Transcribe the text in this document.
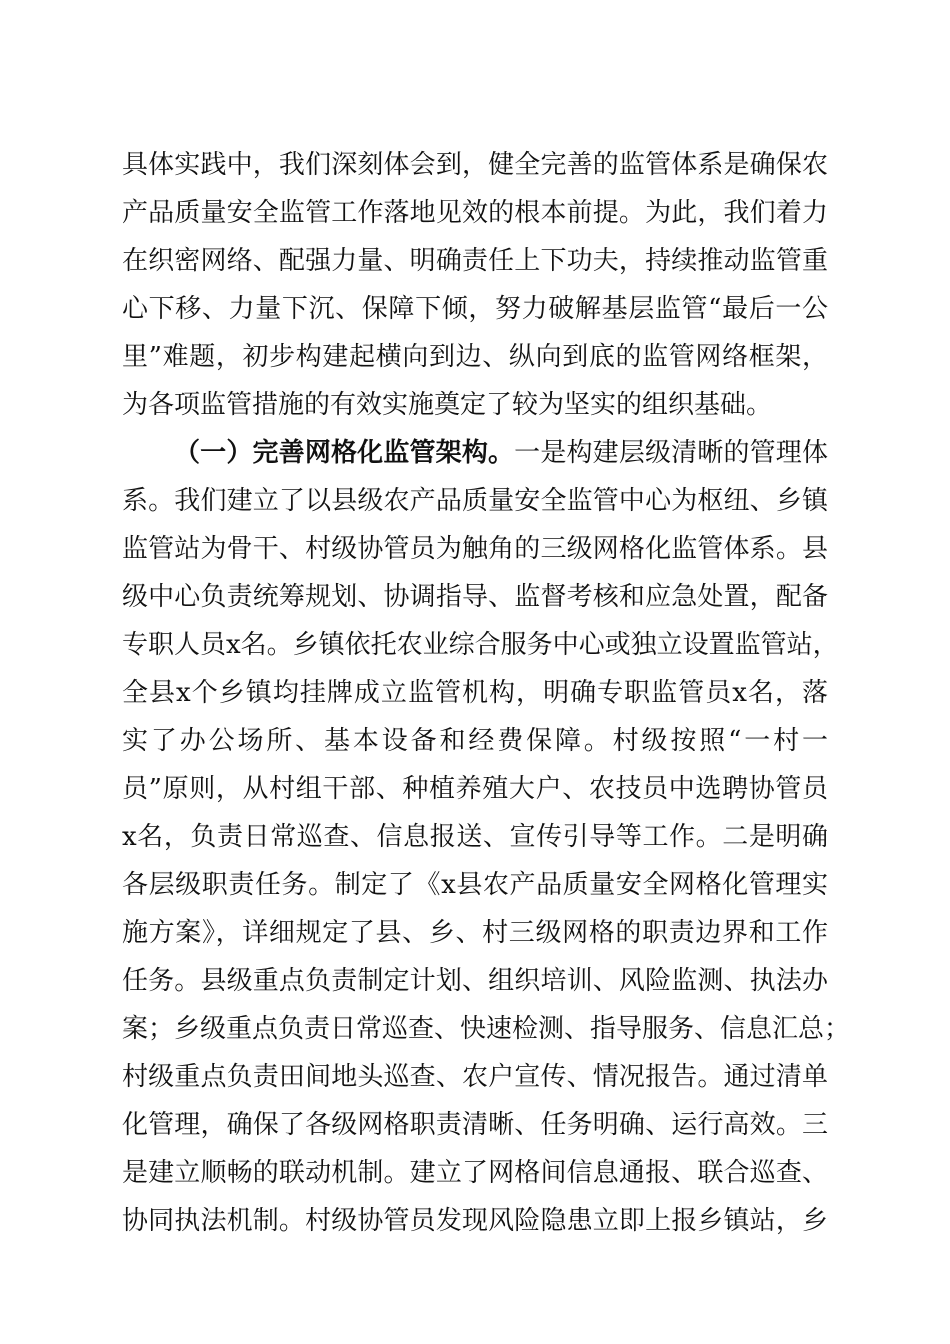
具体实践中，我们深刻体会到，健全完善的监管体系是确保农
产品质量安全监管工作落地见效的根本前提。为此，我们着力
在织密网络、配强力量、明确责任上下功夫，持续推动监管重
心下移、力量下沉、保障下倾，努力破解基层监管“最后一公
里”难题，初步构建起横向到边、纵向到底的监管网络框架，
为各项监管措施的有效实施奠定了较为坚实的组织基础。
（一）完善网格化监管架构。一是构建层级清晰的管理体
系。我们建立了以县级农产品质量安全监管中心为枢纽、乡镇
监管站为骨干、村级协管员为触角的三级网格化监管体系。县
级中心负责统筹规划、协调指导、监督考核和应急处置，配备
专职人员x名。乡镇依托农业综合服务中心或独立设置监管站，
全县x个乡镇均挂牌成立监管机构，明确专职监管员x名，落
实了办公场所、基本设备和经费保障。村级按照“一村一
员”原则，从村组干部、种植养殖大户、农技员中选聘协管员
x名，负责日常巡查、信息报送、宣传引导等工作。二是明确
各层级职责任务。制定了《x县农产品质量安全网格化管理实
施方案》，详细规定了县、乡、村三级网格的职责边界和工作
任务。县级重点负责制定计划、组织培训、风险监测、执法办
案；乡级重点负责日常巡查、快速检测、指导服务、信息汇总；
村级重点负责田间地头巡查、农户宣传、情况报告。通过清单
化管理，确保了各级网格职责清晰、任务明确、运行高效。三
是建立顺畅的联动机制。建立了网格间信息通报、联合巡查、
协同执法机制。村级协管员发现风险隐患立即上报乡镇站，乡
